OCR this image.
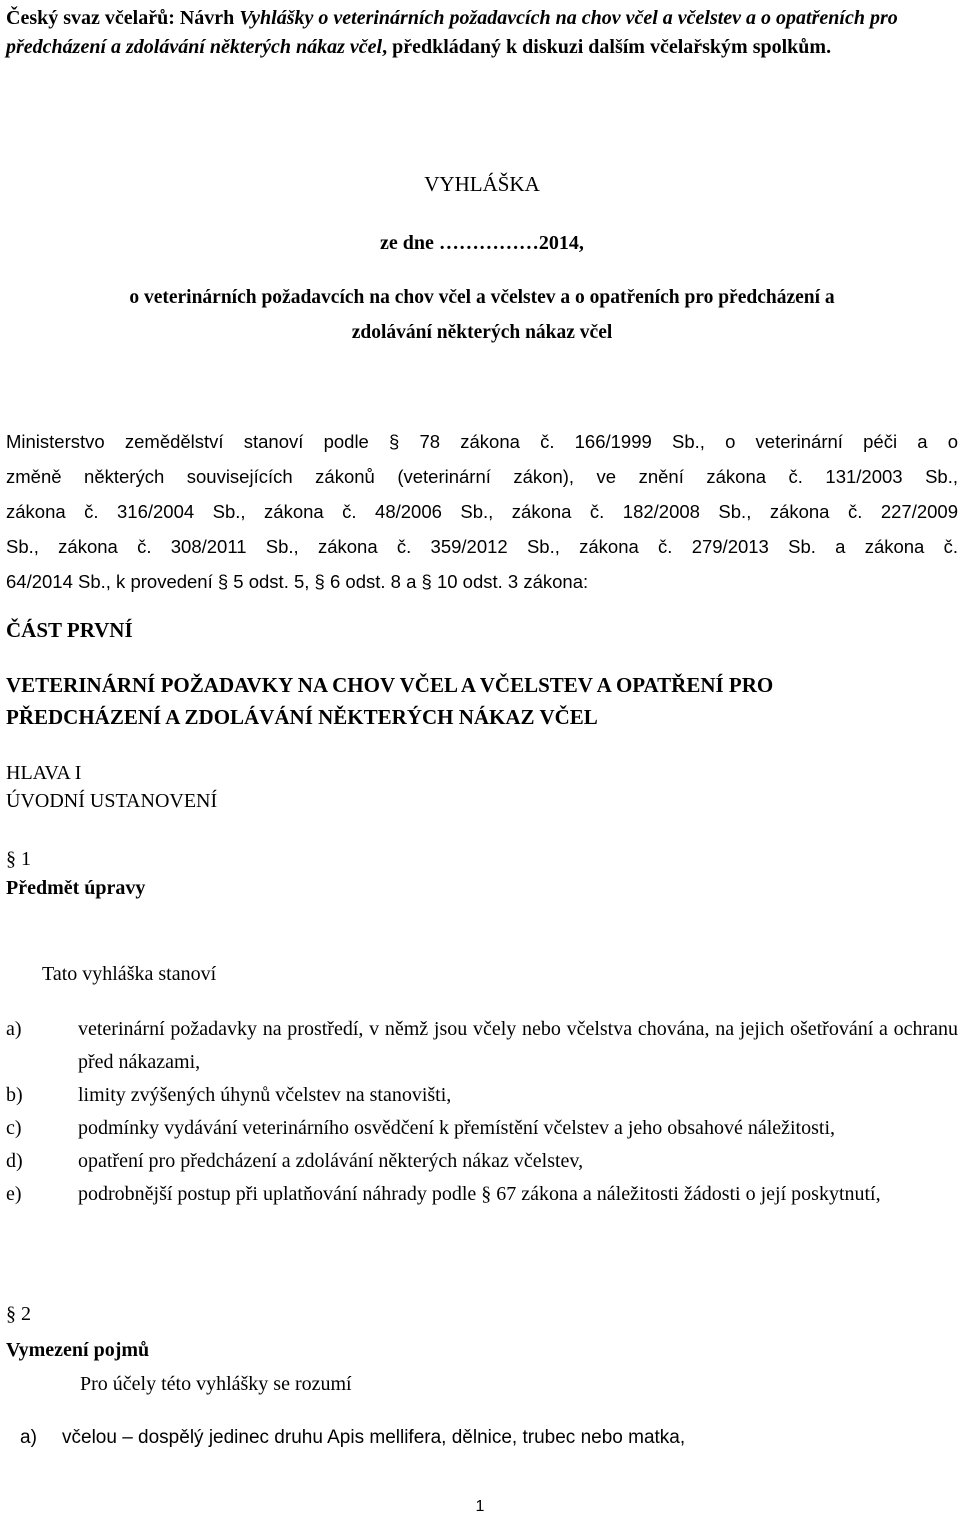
Český svaz včelařů: Návrh Vyhlášky o veterinárních požadavcích na chov včel a včelstev a o opatřeních pro předcházení a zdolávání některých nákaz včel, předkládaný k diskuzi dalším včelařským spolkům.
VYHLÁŠKA
ze dne ……………2014,
o veterinárních požadavcích na chov včel a včelstev a o opatřeních pro předcházení a
zdolávání některých nákaz včel
Ministerstvo zemědělství stanoví podle § 78 zákona č. 166/1999 Sb., o veterinární péči a o
změně některých souvisejících zákonů (veterinární zákon), ve znění zákona č. 131/2003 Sb.,
zákona č. 316/2004 Sb., zákona č. 48/2006 Sb., zákona č. 182/2008 Sb., zákona č. 227/2009
Sb., zákona č. 308/2011 Sb., zákona č. 359/2012 Sb., zákona č. 279/2013 Sb. a zákona č.
64/2014 Sb., k provedení § 5 odst. 5, § 6 odst. 8 a § 10 odst. 3 zákona:
ČÁST PRVNÍ
VETERINÁRNÍ POŽADAVKY NA CHOV VČEL A VČELSTEV A OPATŘENÍ PRO
PŘEDCHÁZENÍ A ZDOLÁVÁNÍ NĚKTERÝCH NÁKAZ VČEL
HLAVA I
ÚVODNÍ USTANOVENÍ
§ 1
Předmět úpravy
Tato vyhláška stanoví
a)	veterinární požadavky na prostředí, v němž jsou včely nebo včelstva chována, na jejich ošetřování a ochranu před nákazami,
b)	limity zvýšených úhynů včelstev na stanovišti,
c)	podmínky vydávání veterinárního osvědčení k přemístění včelstev a jeho obsahové náležitosti,
d)	opatření pro předcházení a zdolávání některých nákaz včelstev,
e)	podrobnější postup při uplatňování náhrady podle § 67 zákona a náležitosti žádosti o její poskytnutí,
§ 2
Vymezení pojmů
Pro účely této vyhlášky se rozumí
a)	včelou – dospělý jedinec druhu Apis mellifera, dělnice, trubec nebo matka,
1
